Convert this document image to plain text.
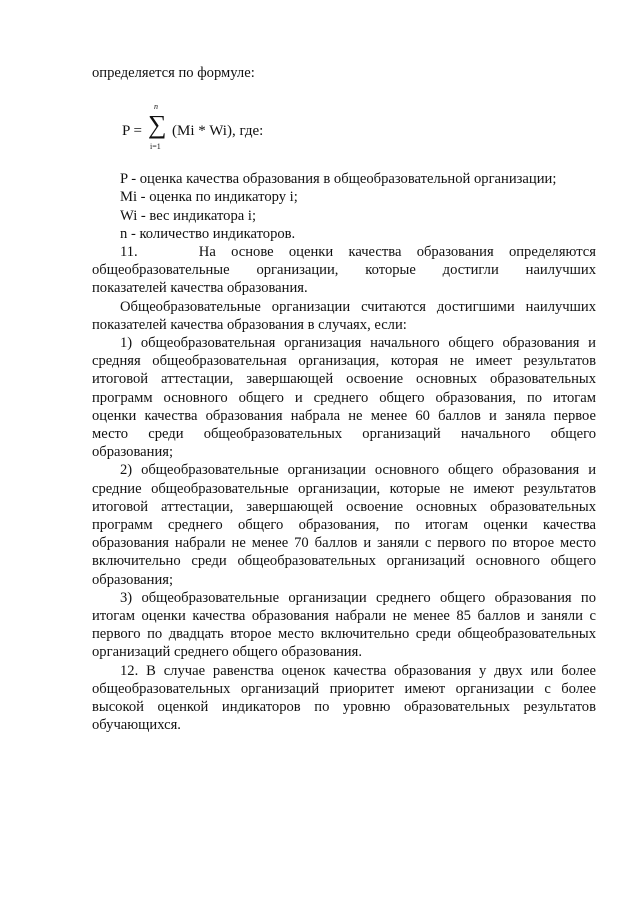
определяется по формуле:
P =
n
∑
i=1
(Mi * Wi), где:
P - оценка качества образования в общеобразовательной организации;
Mi - оценка по индикатору i;
Wi - вес индикатора i;
n - количество индикаторов.
11.    На основе оценки качества образования определяются
общеобразовательные организации, которые достигли наилучших
показателей качества образования.
Общеобразовательные организации считаются достигшими наилучших
показателей качества образования в случаях, если:
1) общеобразовательная организация начального общего образования и
средняя общеобразовательная организация, которая не имеет результатов
итоговой аттестации, завершающей освоение основных образовательных
программ основного общего и среднего общего образования, по итогам
оценки качества образования набрала не менее 60 баллов и заняла первое
место среди общеобразовательных организаций начального общего
образования;
2) общеобразовательные организации основного общего образования и
средние общеобразовательные организации, которые не имеют результатов
итоговой аттестации, завершающей освоение основных образовательных
программ среднего общего образования, по итогам оценки качества
образования набрали не менее 70 баллов и заняли с первого по второе место
включительно среди общеобразовательных организаций основного общего
образования;
3) общеобразовательные организации среднего общего образования по
итогам оценки качества образования набрали не менее 85 баллов и заняли с
первого по двадцать второе место включительно среди общеобразовательных
организаций среднего общего образования.
12. В случае равенства оценок качества образования у двух или более
общеобразовательных организаций приоритет имеют организации с более
высокой оценкой индикаторов по уровню образовательных результатов
обучающихся.
